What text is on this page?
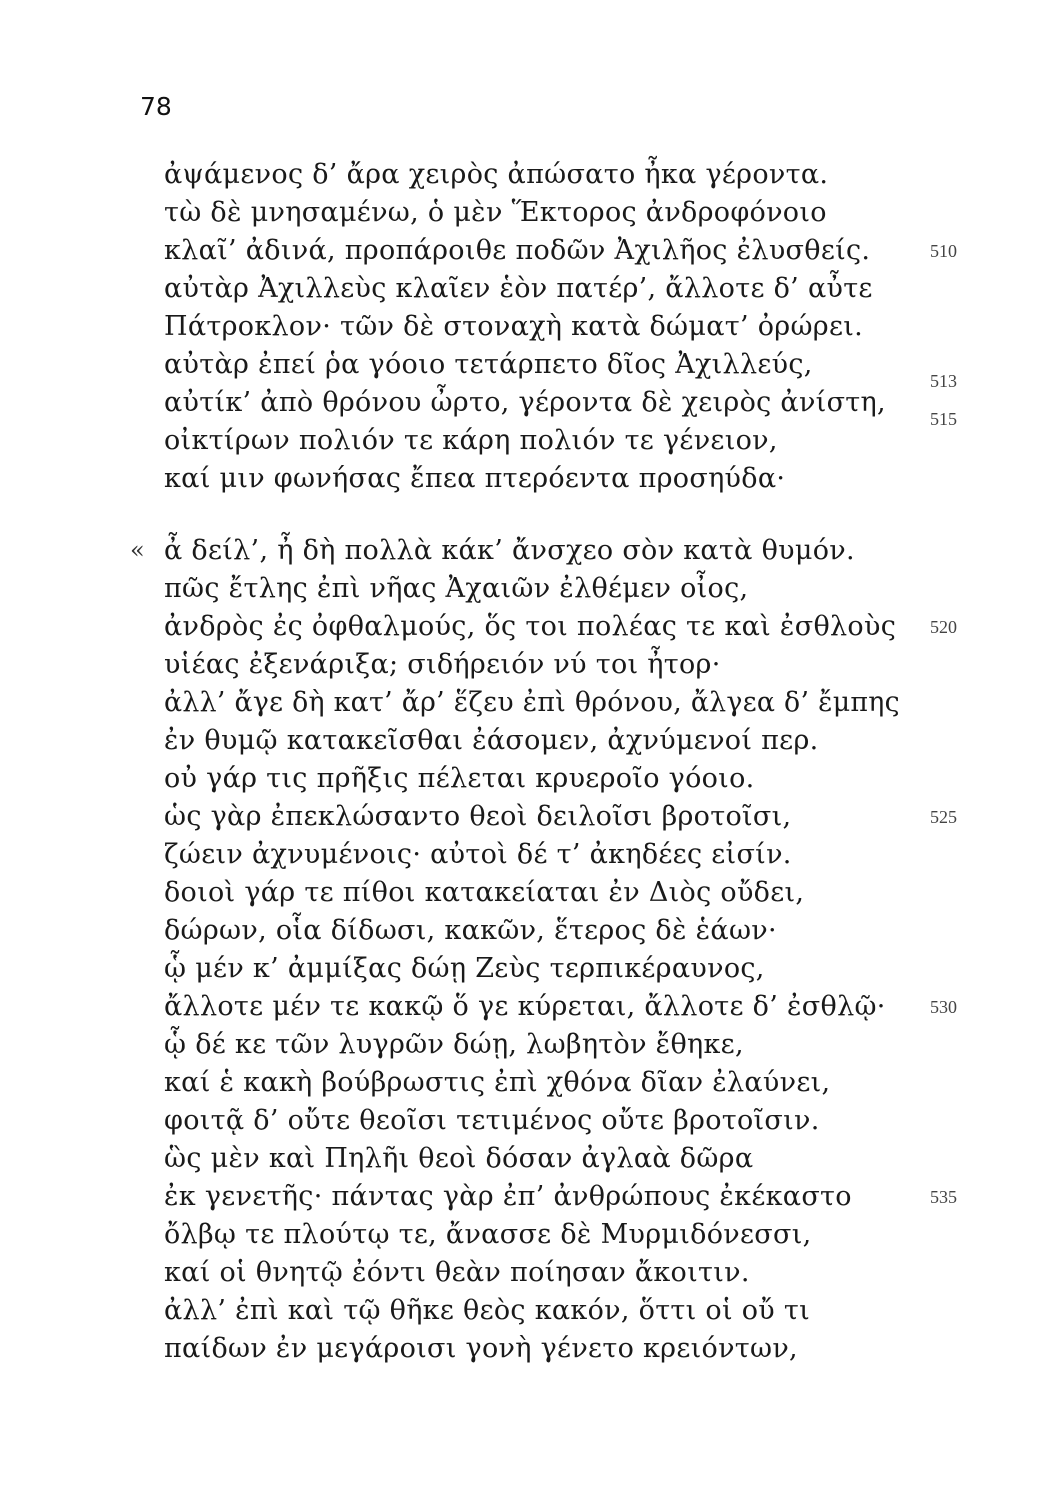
78
«
ἀψάμενος δ’ ἄρα χειρὸς ἀπώσατο ἦκα γέροντα.
τὼ δὲ μνησαμένω, ὁ μὲν Ἕκτορος ἀνδροφόνοιο
κλαῖ’ ἀδινά, προπάροιθε ποδῶν Ἀχιλῆος ἐλυσθείς.
αὐτὰρ Ἀχιλλεὺς κλαῖεν ἑὸν πατέρ’, ἄλλοτε δ’ αὖτε
Πάτροκλον· τῶν δὲ στοναχὴ κατὰ δώματ’ ὀρώρει.
αὐτὰρ ἐπεί ῥα γόοιο τετάρπετο δῖος Ἀχιλλεύς,
αὐτίκ’ ἀπὸ θρόνου ὦρτο, γέροντα δὲ χειρὸς ἀνίστη,
οἰκτίρων πολιόν τε κάρη πολιόν τε γένειον,
καί μιν φωνήσας ἔπεα πτερόεντα προσηύδα·
ἆ δείλ’, ἦ δὴ πολλὰ κάκ’ ἄνσχεο σὸν κατὰ θυμόν.
πῶς ἔτλης ἐπὶ νῆας Ἀχαιῶν ἐλθέμεν οἶος,
ἀνδρὸς ἐς ὀφθαλμούς, ὅς τοι πολέας τε καὶ ἐσθλοὺς
υἱέας ἐξενάριξα; σιδήρειόν νύ τοι ἦτορ·
ἀλλ’ ἄγε δὴ κατ’ ἄρ’ ἕζευ ἐπὶ θρόνου, ἄλγεα δ’ ἔμπης
ἐν θυμῷ κατακεῖσθαι ἐάσομεν, ἀχνύμενοί περ.
οὐ γάρ τις πρῆξις πέλεται κρυεροῖο γόοιο.
ὡς γὰρ ἐπεκλώσαντο θεοὶ δειλοῖσι βροτοῖσι,
ζώειν ἀχνυμένοις· αὐτοὶ δέ τ’ ἀκηδέες εἰσίν.
δοιοὶ γάρ τε πίθοι κατακείαται ἐν Διὸς οὔδει,
δώρων, οἷα δίδωσι, κακῶν, ἕτερος δὲ ἑάων·
ᾧ μέν κ’ ἀμμίξας δώῃ Ζεὺς τερπικέραυνος,
ἄλλοτε μέν τε κακῷ ὅ γε κύρεται, ἄλλοτε δ’ ἐσθλῷ·
ᾧ δέ κε τῶν λυγρῶν δώῃ, λωβητὸν ἔθηκε,
καί ἑ κακὴ βούβρωστις ἐπὶ χθόνα δῖαν ἐλαύνει,
φοιτᾷ δ’ οὔτε θεοῖσι τετιμένος οὔτε βροτοῖσιν.
ὣς μὲν καὶ Πηλῆι θεοὶ δόσαν ἀγλαὰ δῶρα
ἐκ γενετῆς· πάντας γὰρ ἐπ’ ἀνθρώπους ἐκέκαστο
ὄλβῳ τε πλούτῳ τε, ἄνασσε δὲ Μυρμιδόνεσσι,
καί οἱ θνητῷ ἐόντι θεὰν ποίησαν ἄκοιτιν.
ἀλλ’ ἐπὶ καὶ τῷ θῆκε θεὸς κακόν, ὅττι οἱ οὔ τι
παίδων ἐν μεγάροισι γονὴ γένετο κρειόντων,
510
513
515
520
525
530
535
